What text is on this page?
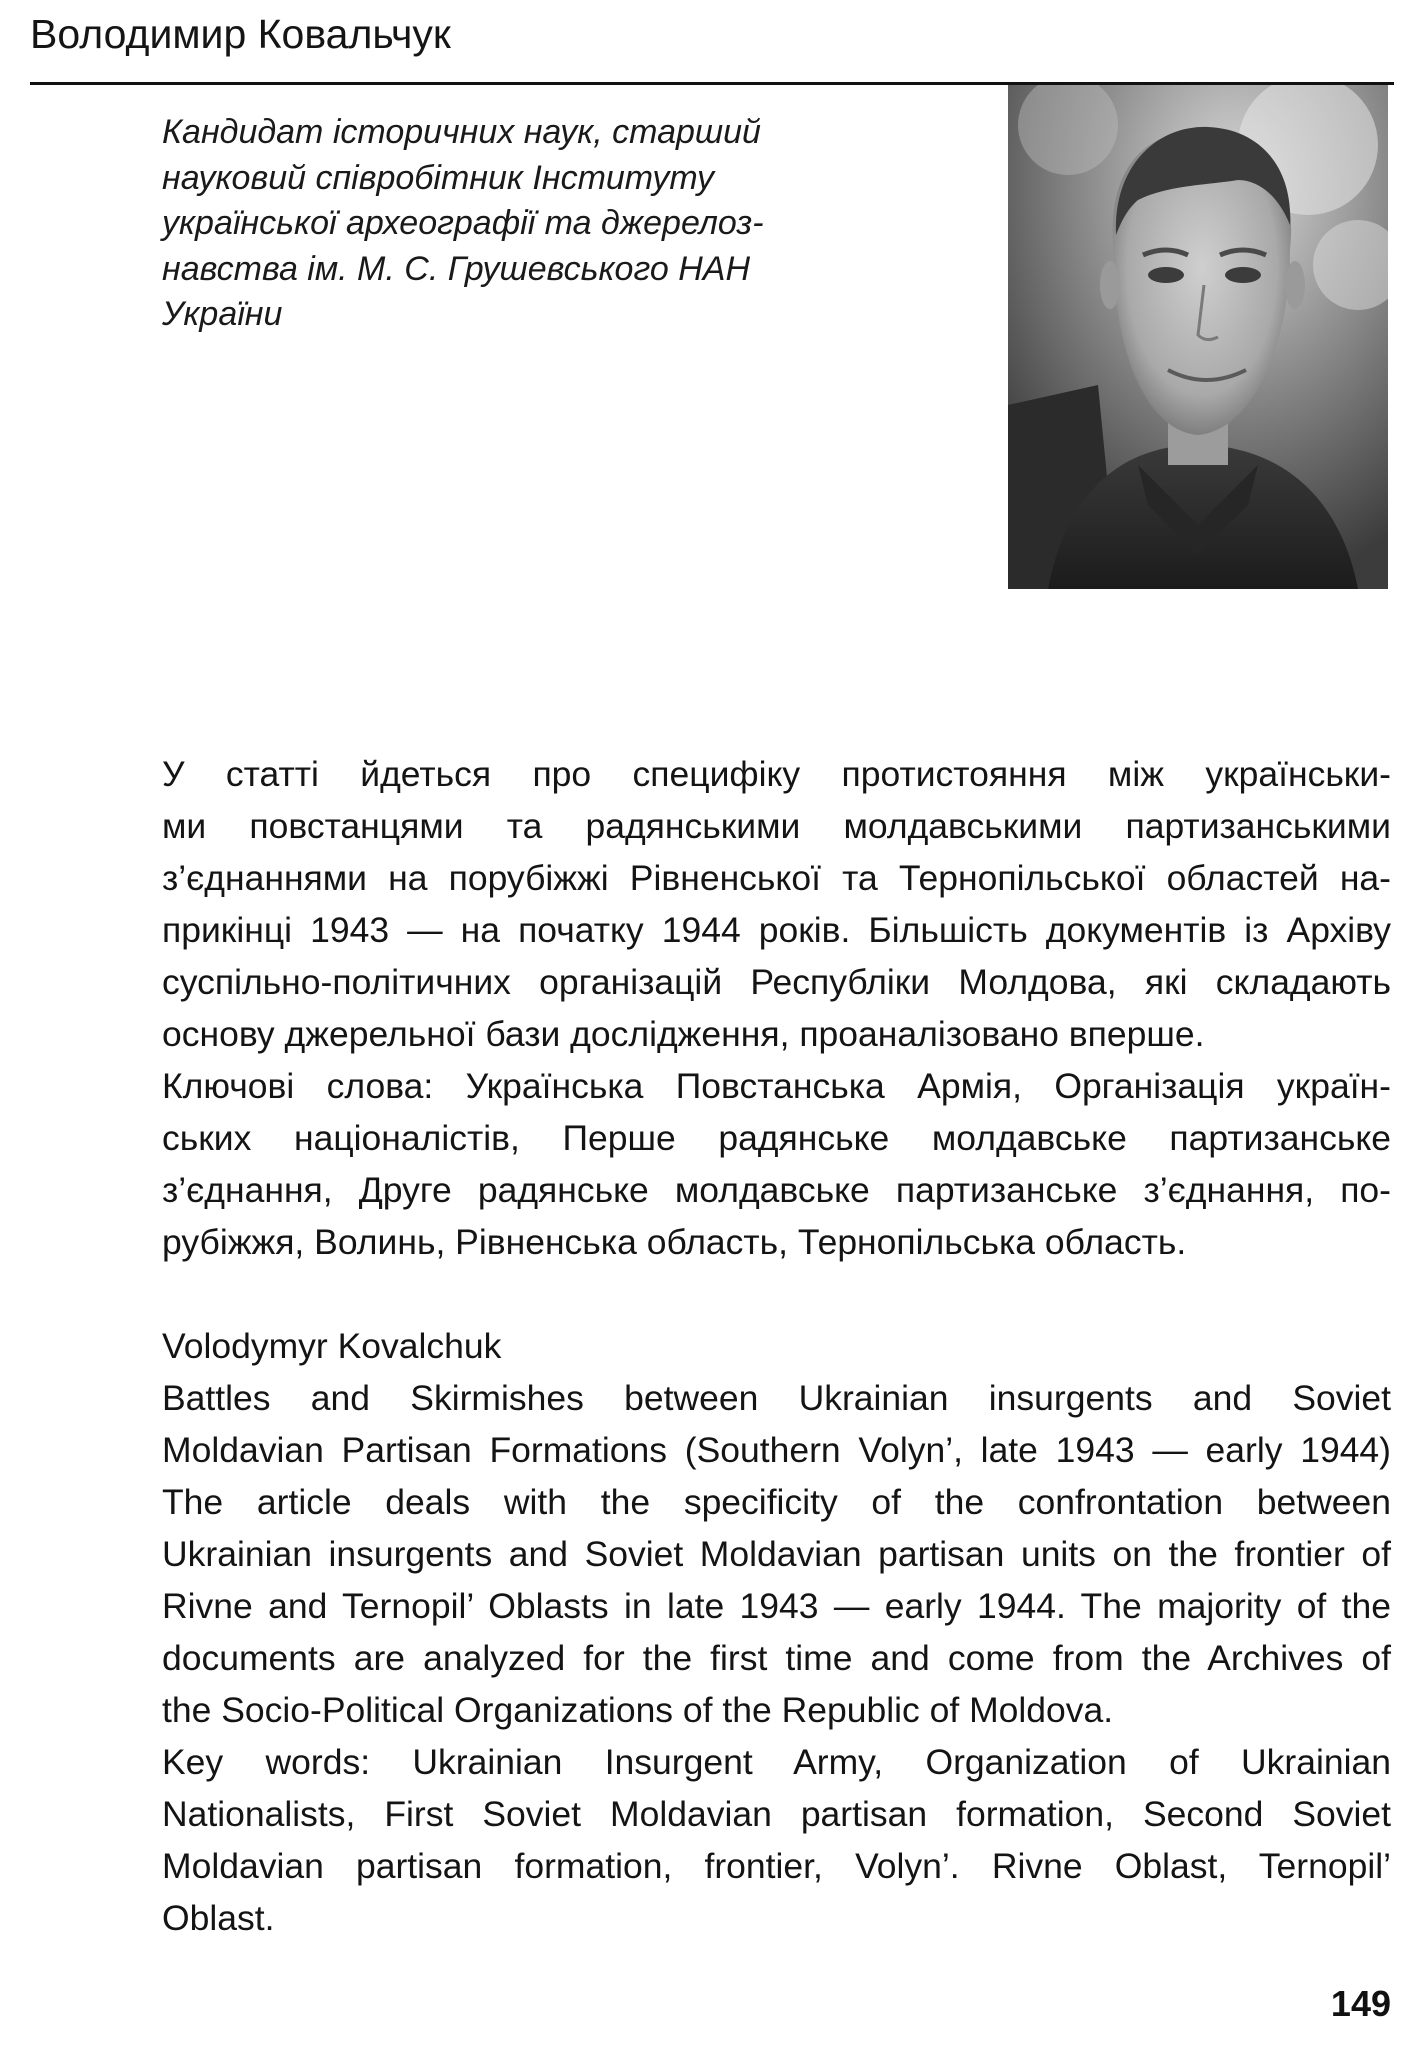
Володимир Ковальчук

Кандидат історичних наук, старший
науковий співробітник Інституту
української археографії та джерелоз-
навства ім. М. С. Грушевського НАН
України

У статті йдеться про специфіку протистояння між українськи-
ми повстанцями та радянськими молдавськими партизанськими
з’єднаннями на порубіжжі Рівненської та Тернопільської областей на-
прикінці 1943 — на початку 1944 років. Більшість документів із Архіву
суспільно-політичних організацій Республіки Молдова, які складають
основу джерельної бази дослідження, проаналізовано вперше.

Ключові слова: Українська Повстанська Армія, Організація україн-
ських націоналістів, Перше радянське молдавське партизанське
з’єднання, Друге радянське молдавське партизанське з’єднання, по-
рубіжжя, Волинь, Рівненська область, Тернопільська область.

Volodymyr Kovalchuk

Battles and Skirmishes between Ukrainian insurgents and Soviet
Moldavian Partisan Formations (Southern Volyn’, late 1943 — early 1944)

The article deals with the specificity of the confrontation between
Ukrainian insurgents and Soviet Moldavian partisan units on the frontier of
Rivne and Ternopil’ Oblasts in late 1943 — early 1944. The majority of the
documents are analyzed for the first time and come from the Archives of
the Socio-Political Organizations of the Republic of Moldova.

Key words: Ukrainian Insurgent Army, Organization of Ukrainian
Nationalists, First Soviet Moldavian partisan formation, Second Soviet
Moldavian partisan formation, frontier, Volyn’. Rivne Oblast, Ternopil’
Oblast.

149
